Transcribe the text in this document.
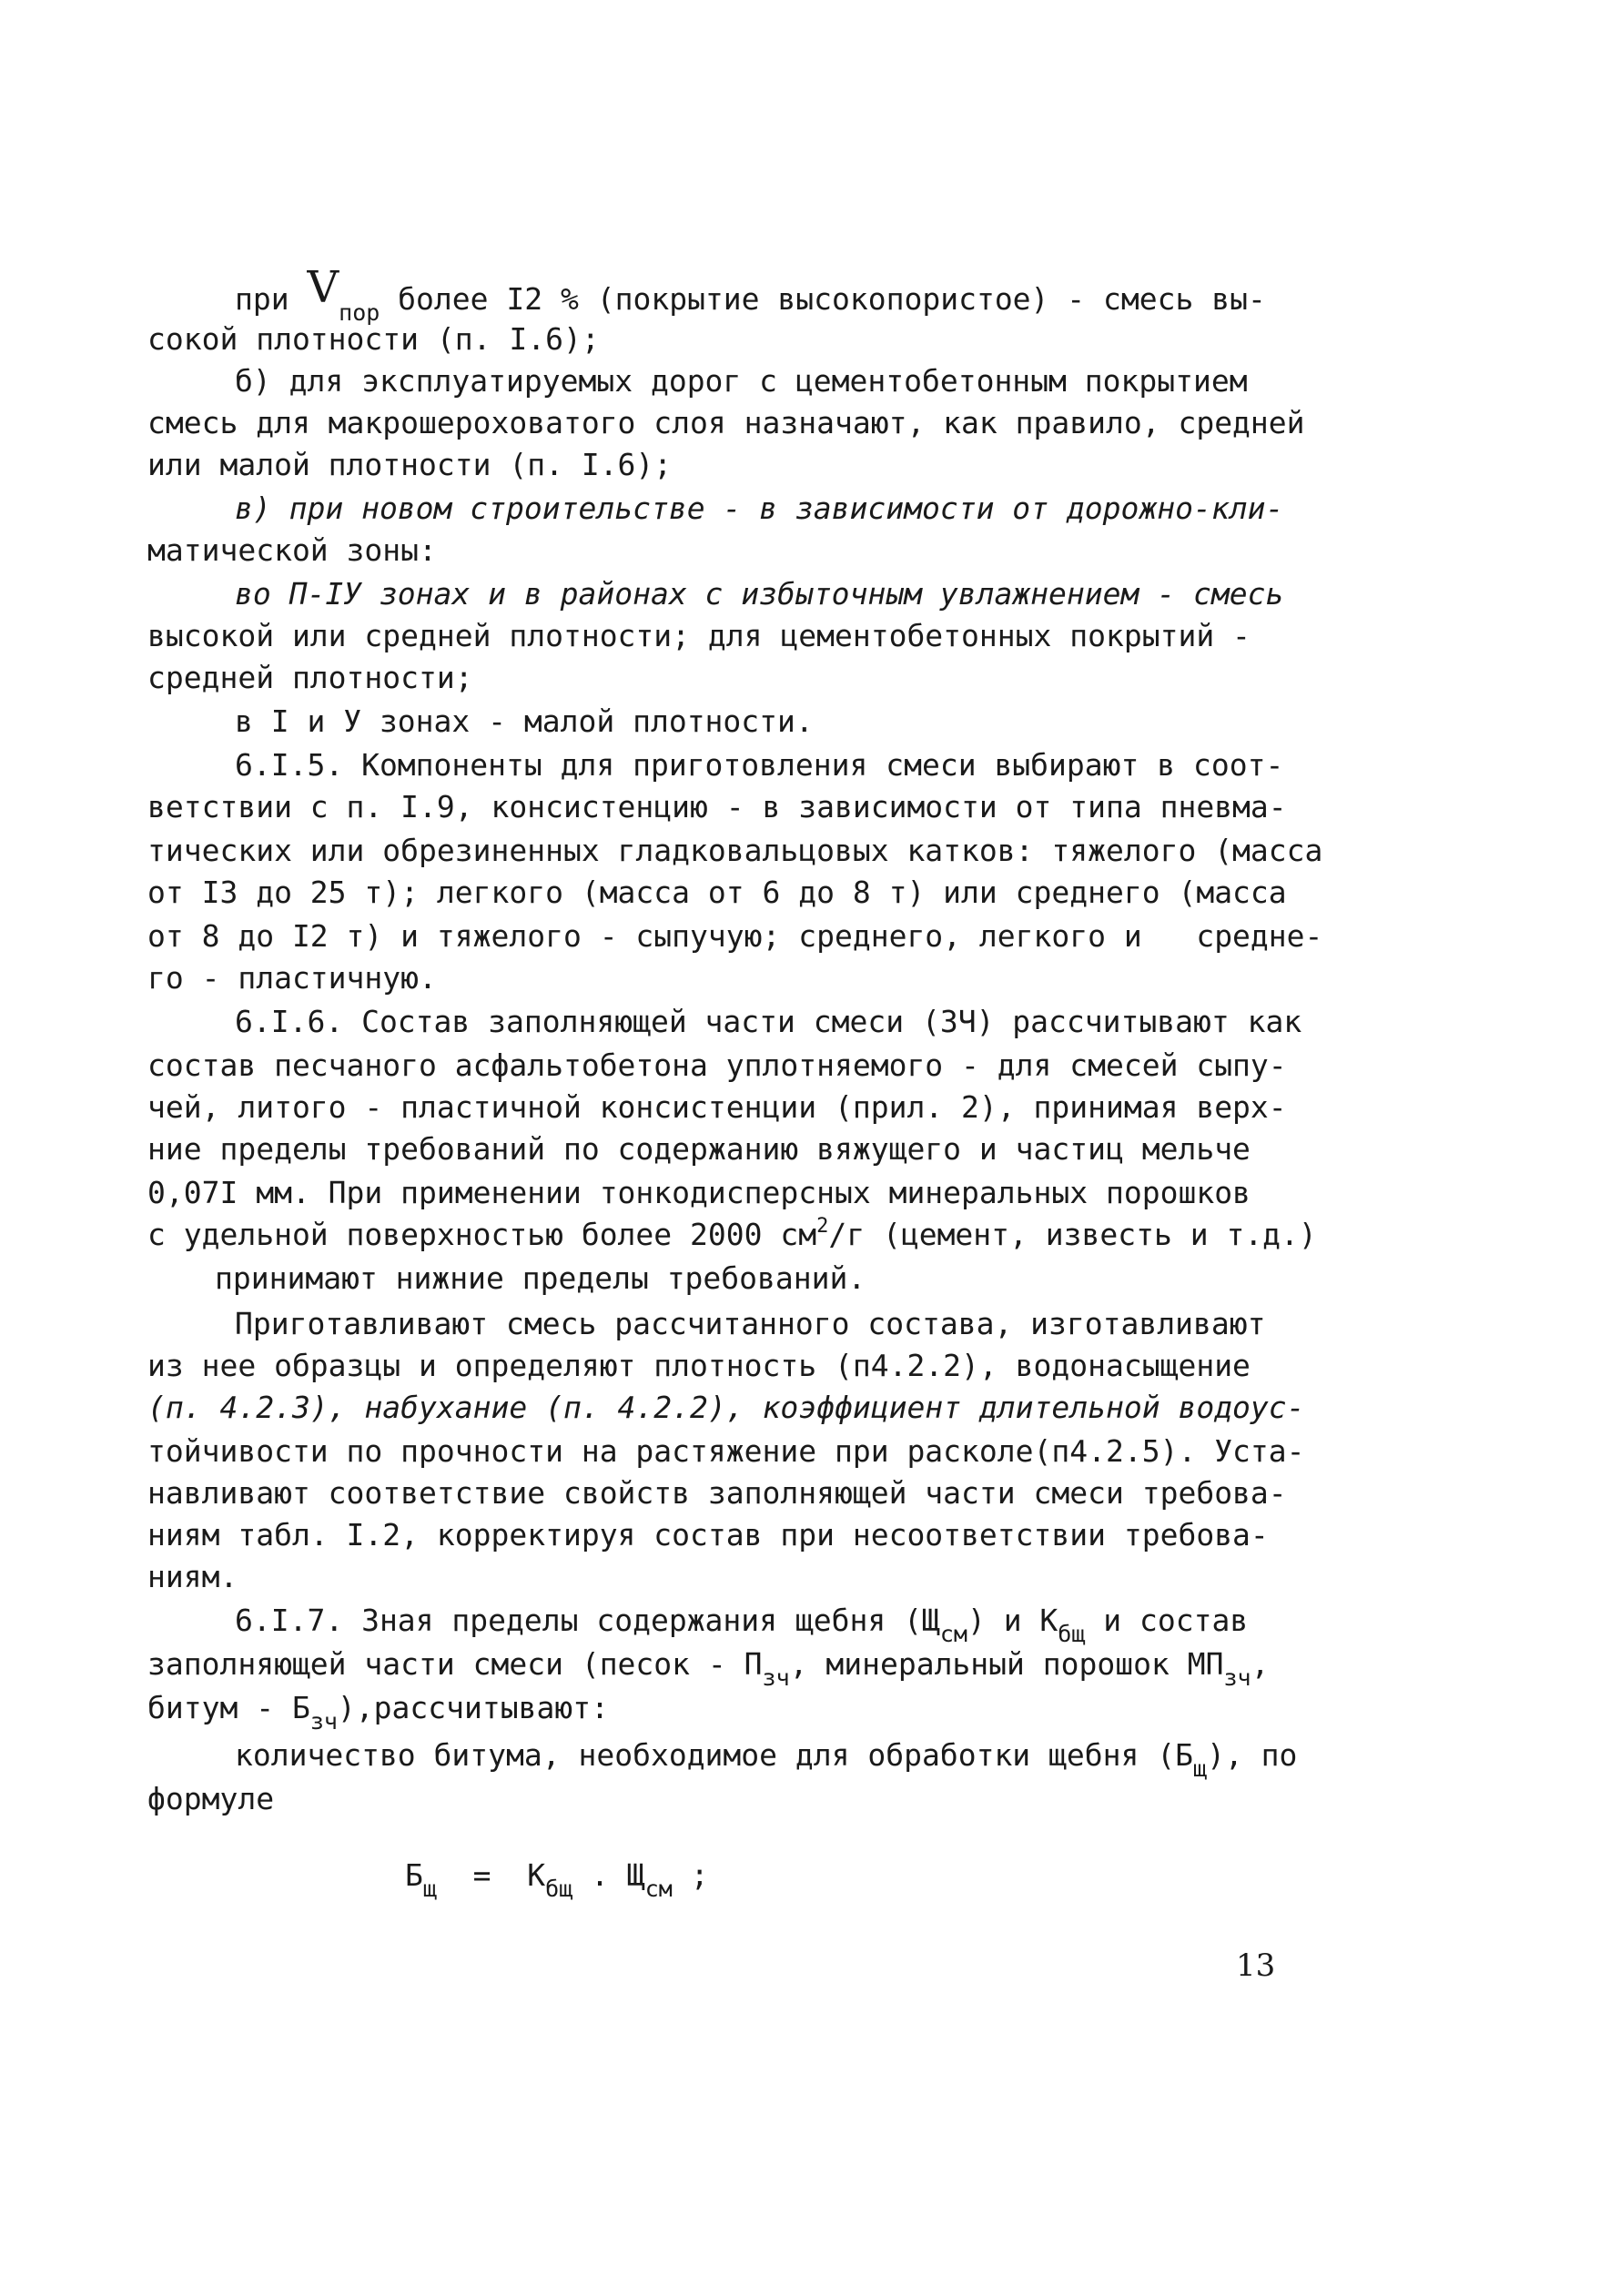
при $V_{пор}$ более I2 % (покрытие высокопористое) - смесь вы-
сокой плотности (п. I.6);
б) для эксплуатируемых дорог с цементобетонным покрытием
смесь для макрошероховатого слоя назначают, как правило, средней
или малой плотности (п. I.6);
в) при новом строительстве - в зависимости от дорожно-кли-
матической зоны:
во П-IУ зонах и в районах с избыточным увлажнением - смесь
высокой или средней плотности; для цементобетонных покрытий -
средней плотности;
в I и У зонах - малой плотности.
6.I.5. Компоненты для приготовления смеси выбирают в соот-
ветствии с п. I.9, консистенцию - в зависимости от типа пневма-
тических или обрезиненных гладковальцовых катков: тяжелого (масса
от I3 до 25 т); легкого (масса от 6 до 8 т) или среднего (масса
от 8 до I2 т) и тяжелого - сыпучую; среднего, легкого и   средне-
го - пластичную.
6.I.6. Состав заполняющей части смеси (ЗЧ) рассчитывают как
состав песчаного асфальтобетона уплотняемого - для смесей сыпу-
чей, литого - пластичной консистенции (прил. 2), принимая верх-
ние пределы требований по содержанию вяжущего и частиц мельче
0,07I мм. При применении тонкодисперсных минеральных порошков
с удельной поверхностью более 2000 $см^2/г$ (цемент, известь и т.д.)
принимают нижние пределы требований.
Приготавливают смесь рассчитанного состава, изготавливают
из нее образцы и определяют плотность (п4.2.2), водонасыщение
(п. 4.2.3), набухание (п. 4.2.2), коэффициент длительной водоус-
тойчивости по прочности на растяжение при расколе(п4.2.5). Уста-
навливают соответствие свойств заполняющей части смеси требова-
ниям табл. I.2, корректируя состав при несоответствии требова-
ниям.
6.I.7. Зная пределы содержания щебня $(Щ_{см})$ и $К_{бщ}$ и состав
заполняющей части смеси (песок - $П_{зч}$, минеральный порошок $МП_{зч}$,
битум - $Б_{зч}),рассчитывают$:
количество битума, необходимое для обработки щебня $(Б_щ)$, по
формуле
$Б_щ = К_{бщ}$ . $Щ_{см}$ ;
13
